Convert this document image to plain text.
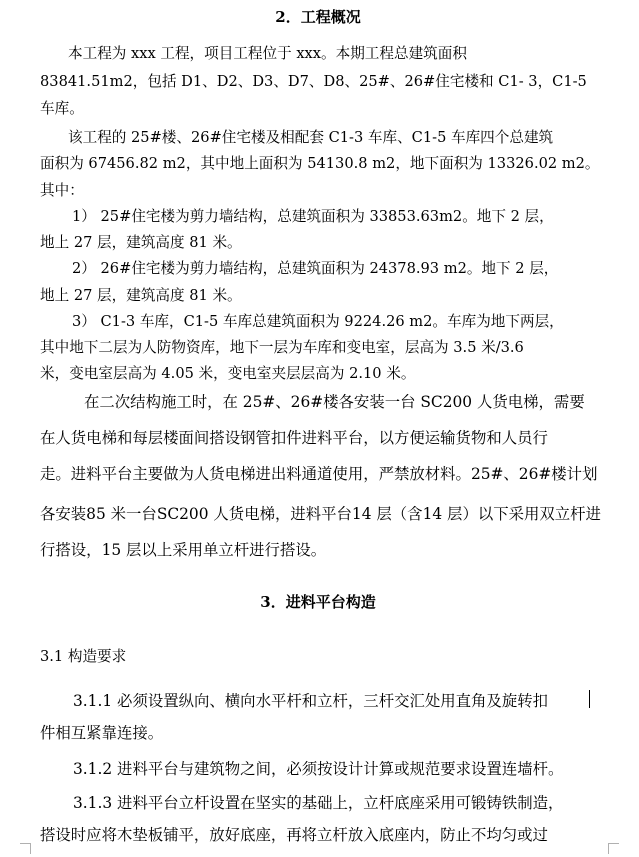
2．工程概况
本工程为 xxx 工程，项目工程位于 xxx。本期工程总建筑面积
83841.51m2，包括 D1、D2、D3、D7、D8、25#、26#住宅楼和 C1- 3，C1-5
车库。
该工程的 25#楼、26#住宅楼及相配套 C1-3 车库、C1-5 车库四个总建筑
面积为 67456.82 m2，其中地上面积为 54130.8 m2，地下面积为 13326.02 m2。
其中：
1） 25#住宅楼为剪力墙结构，总建筑面积为 33853.63m2。地下 2 层，
地上 27 层，建筑高度 81 米。
2） 26#住宅楼为剪力墙结构，总建筑面积为 24378.93 m2。地下 2 层，
地上 27 层，建筑高度 81 米。
3） C1-3 车库，C1-5 车库总建筑面积为 9224.26 m2。车库为地下两层，
其中地下二层为人防物资库，地下一层为车库和变电室，层高为 3.5 米/3.6
米，变电室层高为 4.05 米，变电室夹层层高为 2.10 米。
在二次结构施工时，在 25#、26#楼各安装一台 SC200 人货电梯，需要
在人货电梯和每层楼面间搭设钢管扣件进料平台，以方便运输货物和人员行
走。进料平台主要做为人货电梯进出料通道使用，严禁放材料。25#、26#楼计划
各安装85 米一台SC200 人货电梯，进料平台14 层（含14 层）以下采用双立杆进
行搭设，15 层以上采用单立杆进行搭设。
3．进料平台构造
3.1 构造要求
3.1.1 必须设置纵向、横向水平杆和立杆，三杆交汇处用直角及旋转扣
件相互紧靠连接。
3.1.2 进料平台与建筑物之间，必须按设计计算或规范要求设置连墙杆。
3.1.3 进料平台立杆设置在坚实的基础上，立杆底座采用可锻铸铁制造，
搭设时应将木垫板铺平，放好底座，再将立杆放入底座内，防止不均匀或过
